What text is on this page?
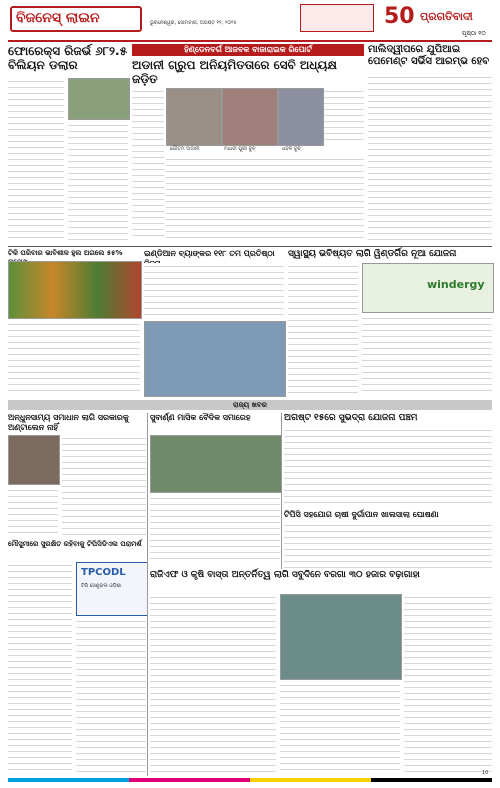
ବିଜନେସ୍ ଲାଇନ	ଭୁବନେଶ୍ୱର, ସୋମବାର, ଅଗଷ୍ଟ ୧୧, ୨୦୨୫	50 ପ୍ରଗତିବାଦୀ
ପୃଷ୍ଠା ୧୦
ଫୋରେକ୍ସ ରିଜର୍ଭ ୬୮୨.୫ ବିଲିୟନ ଡଲାର
ହିଣ୍ଡେନବର୍ଗ ଆଜବକ ବାଜାରାଇକ ରିପୋର୍ଟ
ଅଡାନୀ ଗ୍ରୁପ ଅନିୟମିତତାରେ ସେବି ଅଧ୍ୟକ୍ଷ ଜଡ଼ିତ
ଗୌତମ ଅଡାନୀ	ମାଧବୀ ପୁରୀ ବୁଚ୍	ଧବଳ ବୁଚ୍
ମାଲିଦ୍ୱୀପରେ ଯୁପିଆଇ ପେମେଣ୍ଟ ସର୍ଭିସ ଆରମ୍ଭ ହେବ
ଟିକି ପରିବାର ଭାବିଶୀଳ ହୁଲ ଅଗଲେ ୫୫%	ଇଣ୍ଡିଆନ ବ୍ୟାଙ୍କର ୧୧୮ ତମ ପ୍ରତିଷ୍ଠା	ସ୍ୱାସ୍ଥ୍ୟ ଭବିଷ୍ୟତ ଲାଗି ୱିଣ୍ଡର୍ଗିର ନୂଆ ଯୋଜନା
windergy
ରାଜ୍ୟ ଖବର
ଅନ୍ଧୁନସାମ୍ୟ ସମାଧାନ ଲାଗି ସରକାରକୁ ଅଣ୍ଟାଲେନ ନାହିଁ
ସୁବାର୍ଣ୍ଣ ମାସିକ ବୈଦିକ ସମାରେହ	ଅଗଷ୍ଟ ୧୫ରେ ସୁଭଦ୍ରା ଯୋଜନା ପଞ୍ଚମ
ଟିପିସି ସହଯୋଗ ଚାଷୀ ଦୁର୍ଗାପାନ ଖାଲସାଲା ଘୋଷଣା
ମୌସୁମୀରେ ସୁରକ୍ଷିତ ରହିବାକୁ ଟିପିସିଡିଏଲ ପରାମର୍ଶ
TPCODL
ଟିପି ସେଣ୍ଟ୍ରାଲ ଓଡ଼ିଶା
ରାଜିଏଫ ଓ କୃଷି ବାସ୍ତା ଅନ୍ତର୍ନିତ୍ୱ ଲାଗି ସବୁଦିନେ ବରଗା ୩୦ ହଜାର ବଢ଼ାଗାହା
10
